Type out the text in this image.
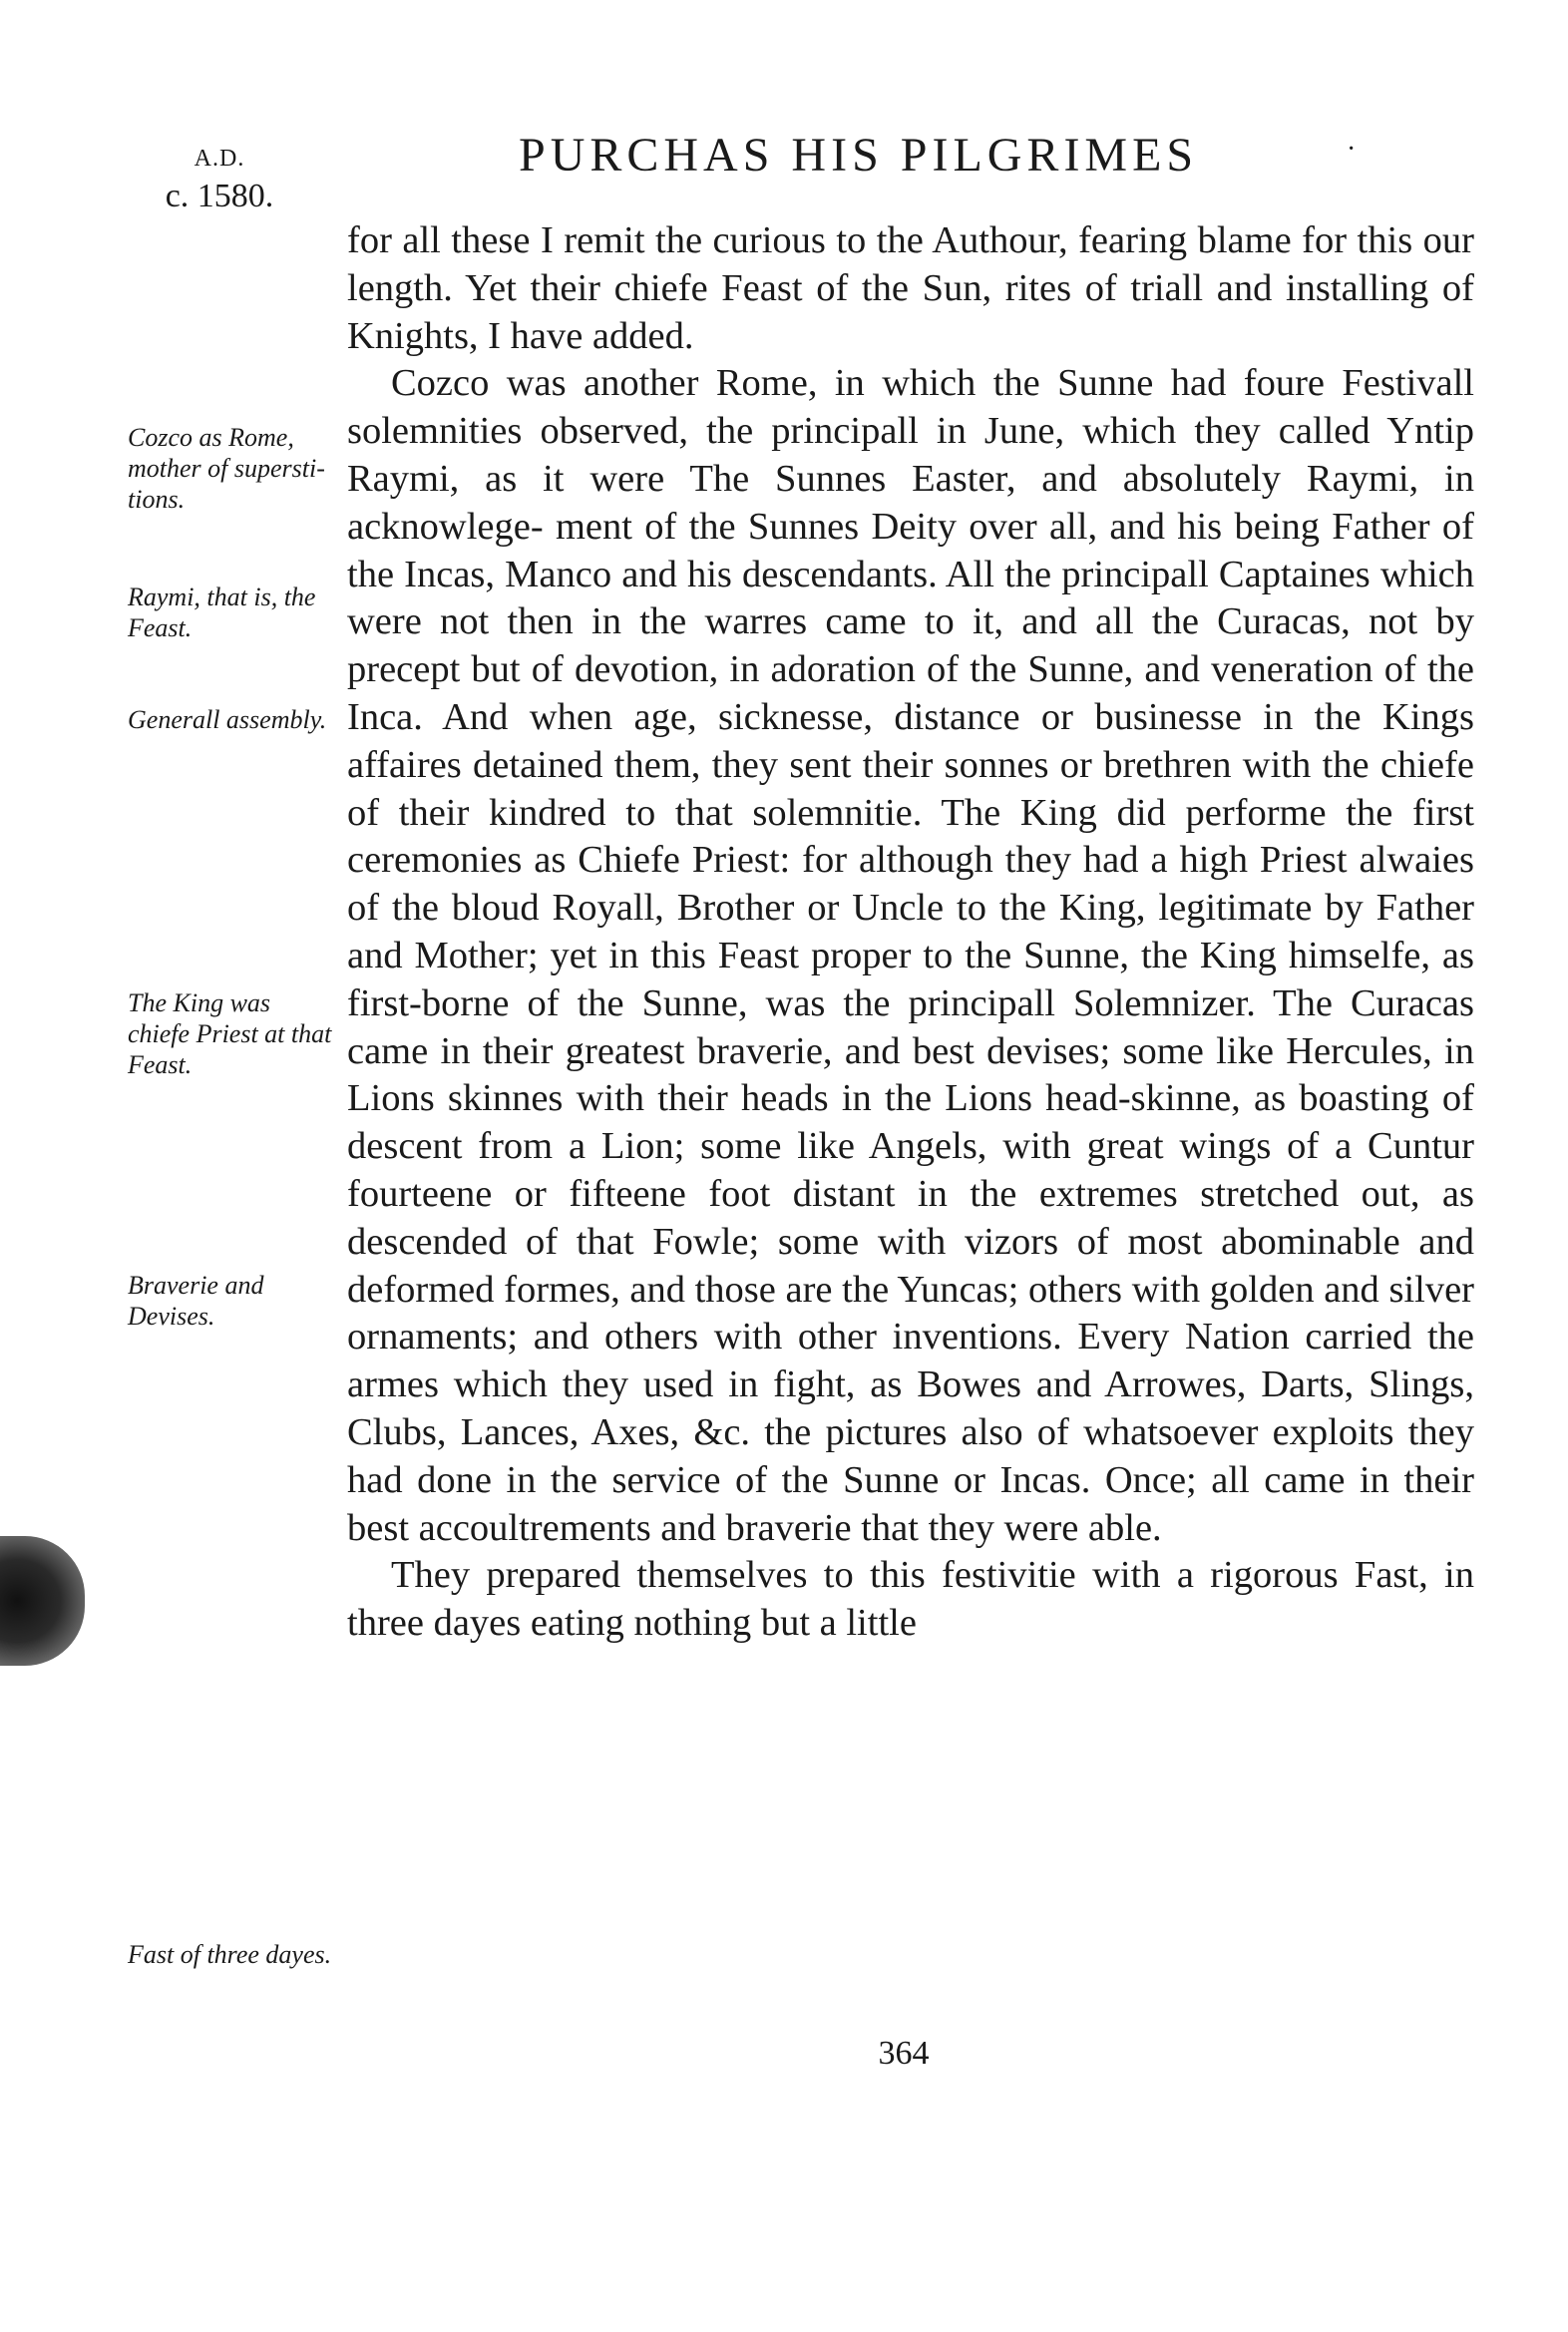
A.D.
c. 1580.
PURCHAS HIS PILGRIMES	·
Cozco as Rome, mother of supersti- tions.
Raymi, that is, the Feast.
Generall assembly.
The King was chiefe Priest at that Feast.
Braverie and Devises.
Fast of three dayes.

for all these I remit the curious to the Authour, fearing blame for this our length. Yet their chiefe Feast of the Sun, rites of triall and installing of Knights, I have added.

Cozco was another Rome, in which the Sunne had foure Festivall solemnities observed, the principall in June, which they called Yntip Raymi, as it were The Sunnes Easter, and absolutely Raymi, in acknowlege- ment of the Sunnes Deity over all, and his being Father of the Incas, Manco and his descendants. All the principall Captaines which were not then in the warres came to it, and all the Curacas, not by precept but of devotion, in adoration of the Sunne, and veneration of the Inca. And when age, sicknesse, distance or businesse in the Kings affaires detained them, they sent their sonnes or brethren with the chiefe of their kindred to that solemnitie. The King did performe the first ceremonies as Chiefe Priest: for although they had a high Priest alwaies of the bloud Royall, Brother or Uncle to the King, legitimate by Father and Mother; yet in this Feast proper to the Sunne, the King himselfe, as first-borne of the Sunne, was the principall Solemnizer. The Curacas came in their greatest braverie, and best devises; some like Hercules, in Lions skinnes with their heads in the Lions head-skinne, as boasting of descent from a Lion; some like Angels, with great wings of a Cuntur fourteene or fifteene foot distant in the extremes stretched out, as descended of that Fowle; some with vizors of most abominable and deformed formes, and those are the Yuncas; others with golden and silver ornaments; and others with other inventions. Every Nation carried the armes which they used in fight, as Bowes and Arrowes, Darts, Slings, Clubs, Lances, Axes, &c. the pictures also of whatsoever exploits they had done in the service of the Sunne or Incas. Once; all came in their best accoultrements and braverie that they were able.

They prepared themselves to this festivitie with a rigorous Fast, in three dayes eating nothing but a little

364
